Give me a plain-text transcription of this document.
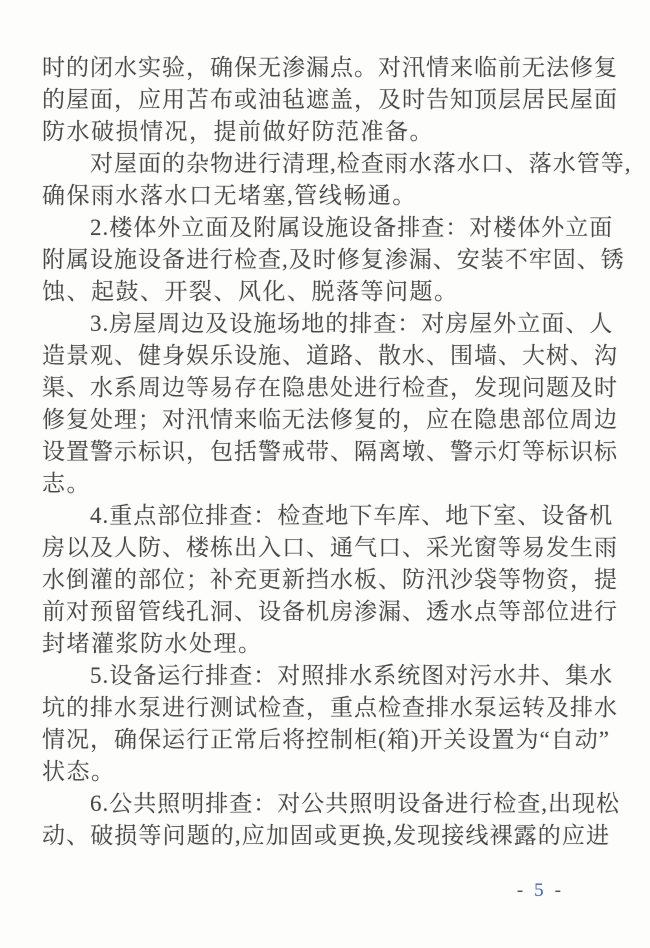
时的闭水实验，确保无渗漏点。对汛情来临前无法修复
的屋面，应用苫布或油毡遮盖，及时告知顶层居民屋面
防水破损情况，提前做好防范准备。
　　对屋面的杂物进行清理,检查雨水落水口、落水管等,
确保雨水落水口无堵塞,管线畅通。
　　2.楼体外立面及附属设施设备排查：对楼体外立面
附属设施设备进行检查,及时修复渗漏、安装不牢固、锈
蚀、起鼓、开裂、风化、脱落等问题。
　　3.房屋周边及设施场地的排查：对房屋外立面、人
造景观、健身娱乐设施、道路、散水、围墙、大树、沟
渠、水系周边等易存在隐患处进行检查，发现问题及时
修复处理；对汛情来临无法修复的，应在隐患部位周边
设置警示标识，包括警戒带、隔离墩、警示灯等标识标
志。
　　4.重点部位排查：检查地下车库、地下室、设备机
房以及人防、楼栋出入口、通气口、采光窗等易发生雨
水倒灌的部位；补充更新挡水板、防汛沙袋等物资，提
前对预留管线孔洞、设备机房渗漏、透水点等部位进行
封堵灌浆防水处理。
　　5.设备运行排查：对照排水系统图对污水井、集水
坑的排水泵进行测试检查，重点检查排水泵运转及排水
情况，确保运行正常后将控制柜(箱)开关设置为“自动”
状态。
　　6.公共照明排查：对公共照明设备进行检查,出现松
动、破损等问题的,应加固或更换,发现接线裸露的应进
- 5 -
